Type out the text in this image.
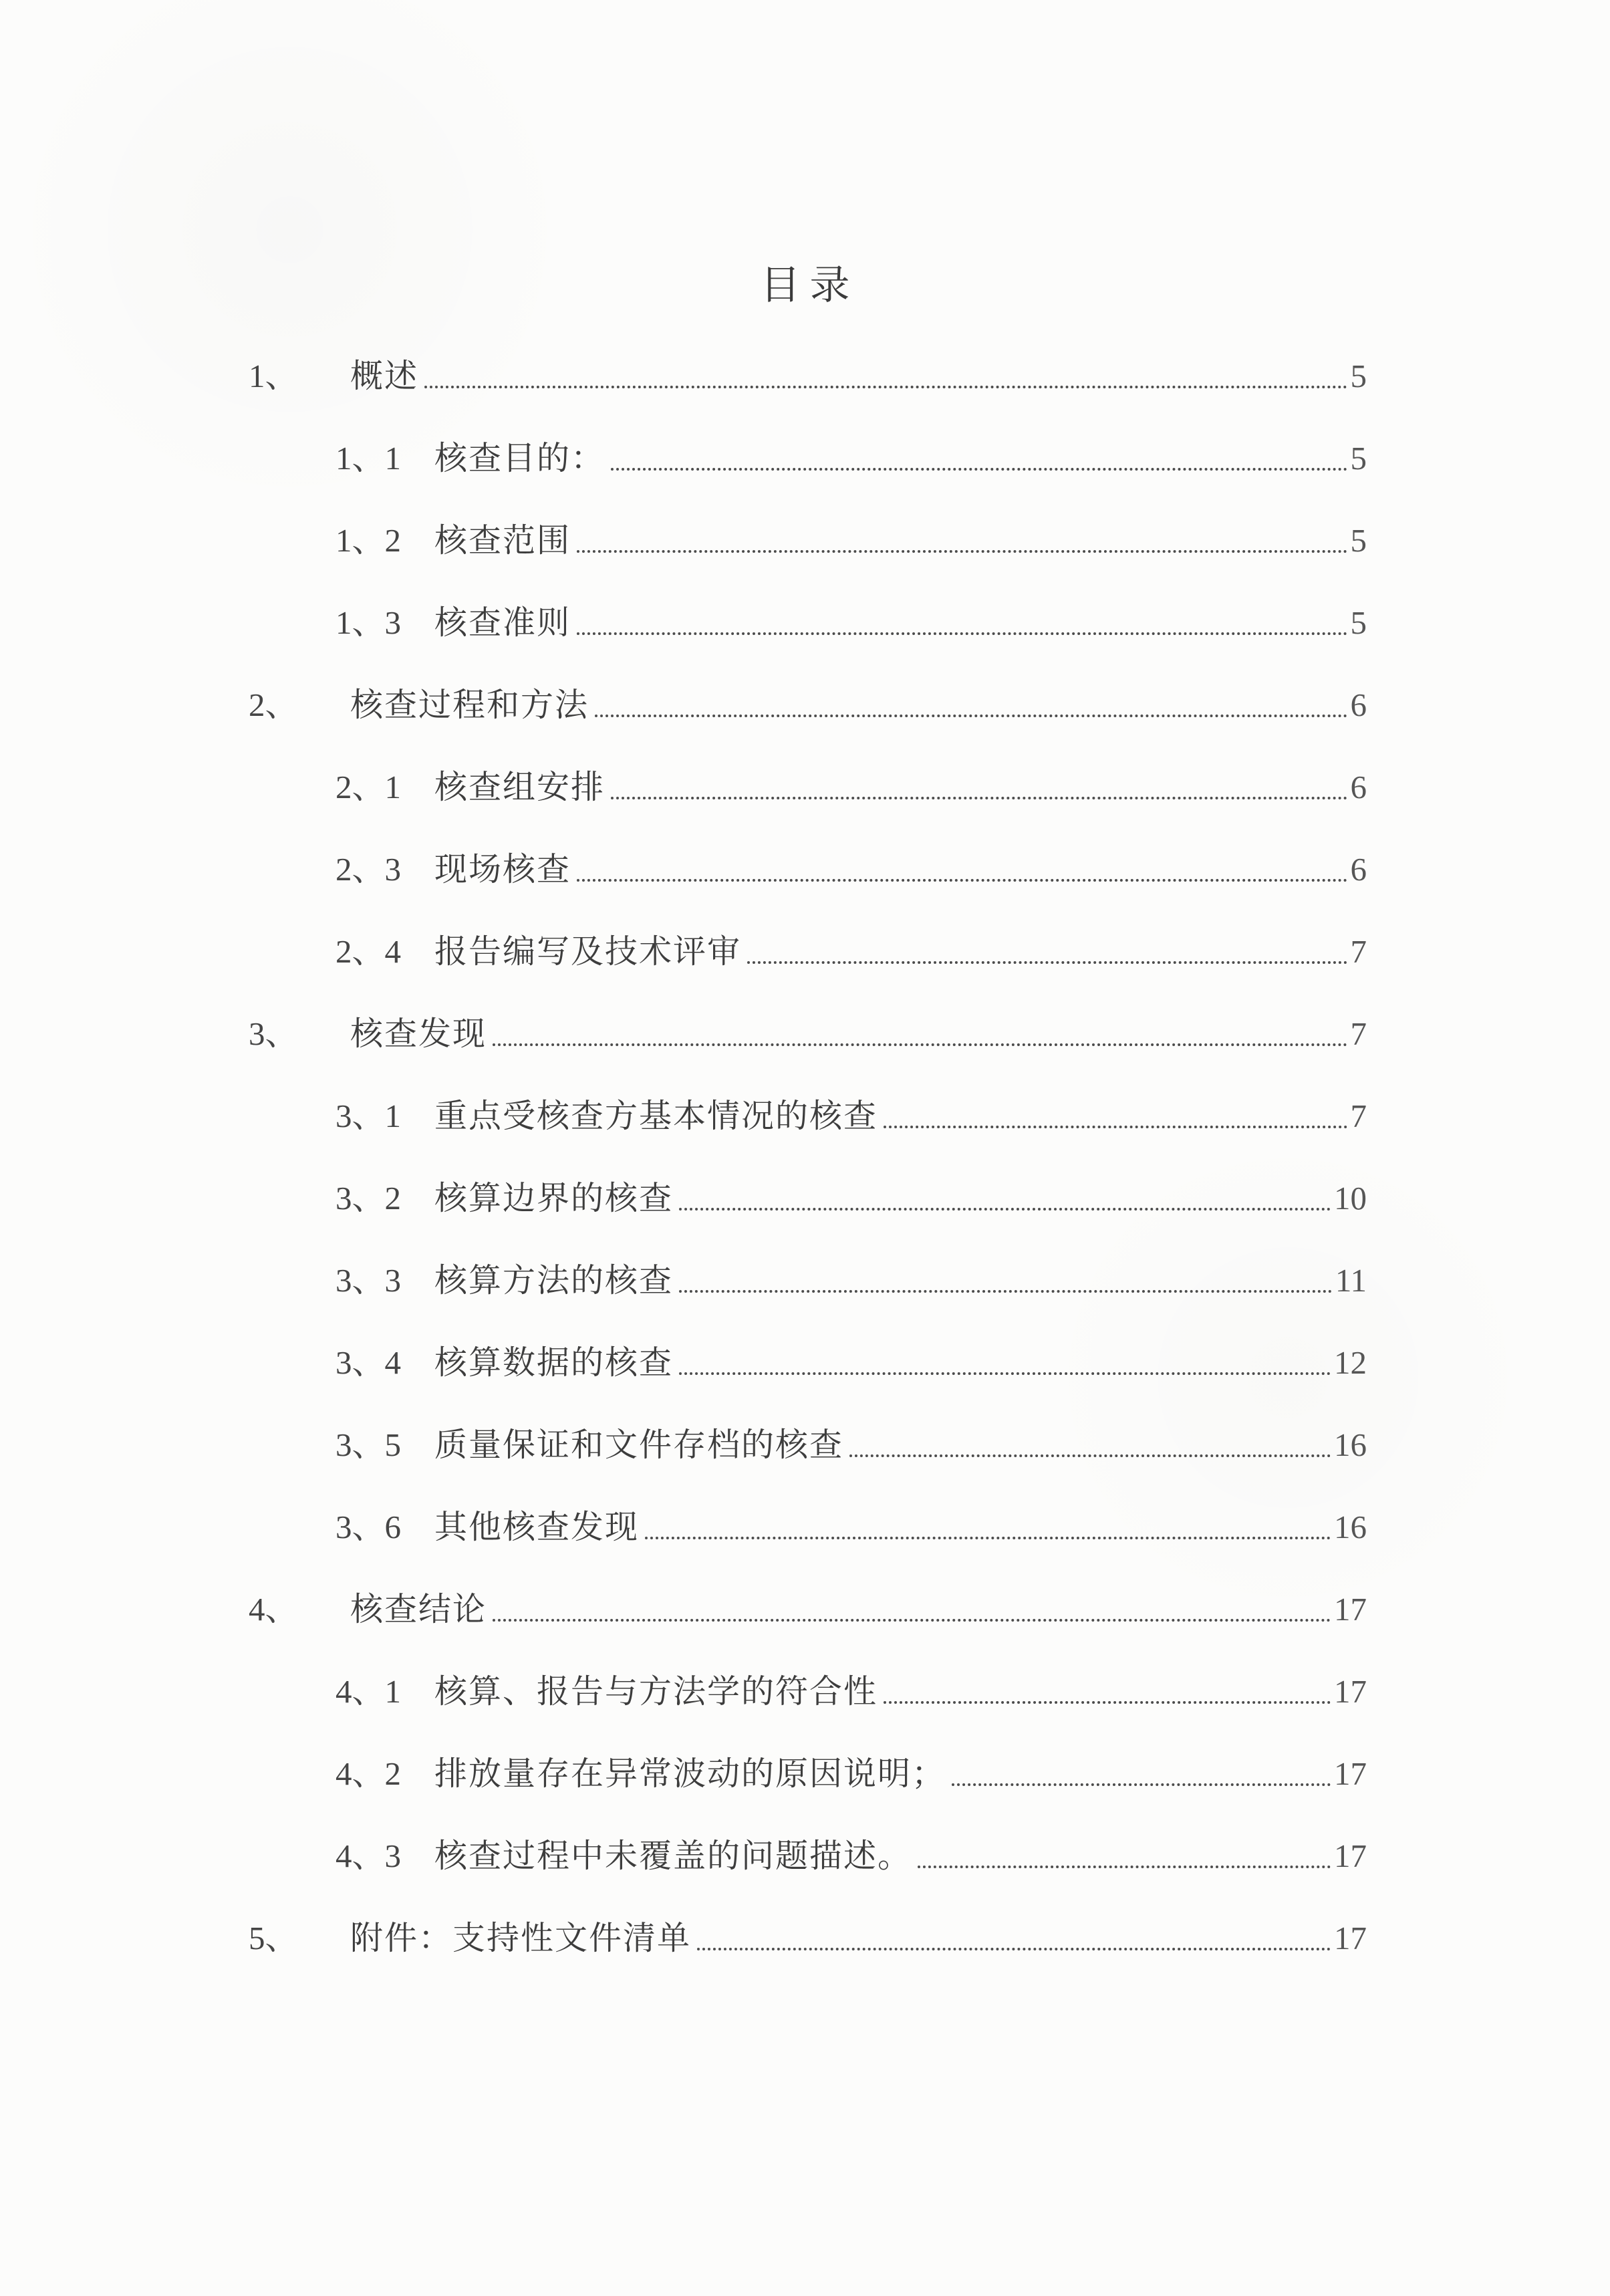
目录
1、	概述	5
1、1	核查目的：	5
1、2	核查范围	5
1、3	核查准则	5
2、	核查过程和方法	6
2、1	核查组安排	6
2、3	现场核查	6
2、4	报告编写及技术评审	7
3、	核查发现	7
3、1	重点受核查方基本情况的核查	7
3、2	核算边界的核查	10
3、3	核算方法的核查	11
3、4	核算数据的核查	12
3、5	质量保证和文件存档的核查	16
3、6	其他核查发现	16
4、	核查结论	17
4、1	核算、报告与方法学的符合性	17
4、2	排放量存在异常波动的原因说明；	17
4、3	核查过程中未覆盖的问题描述。	17
5、	附件：支持性文件清单	17
